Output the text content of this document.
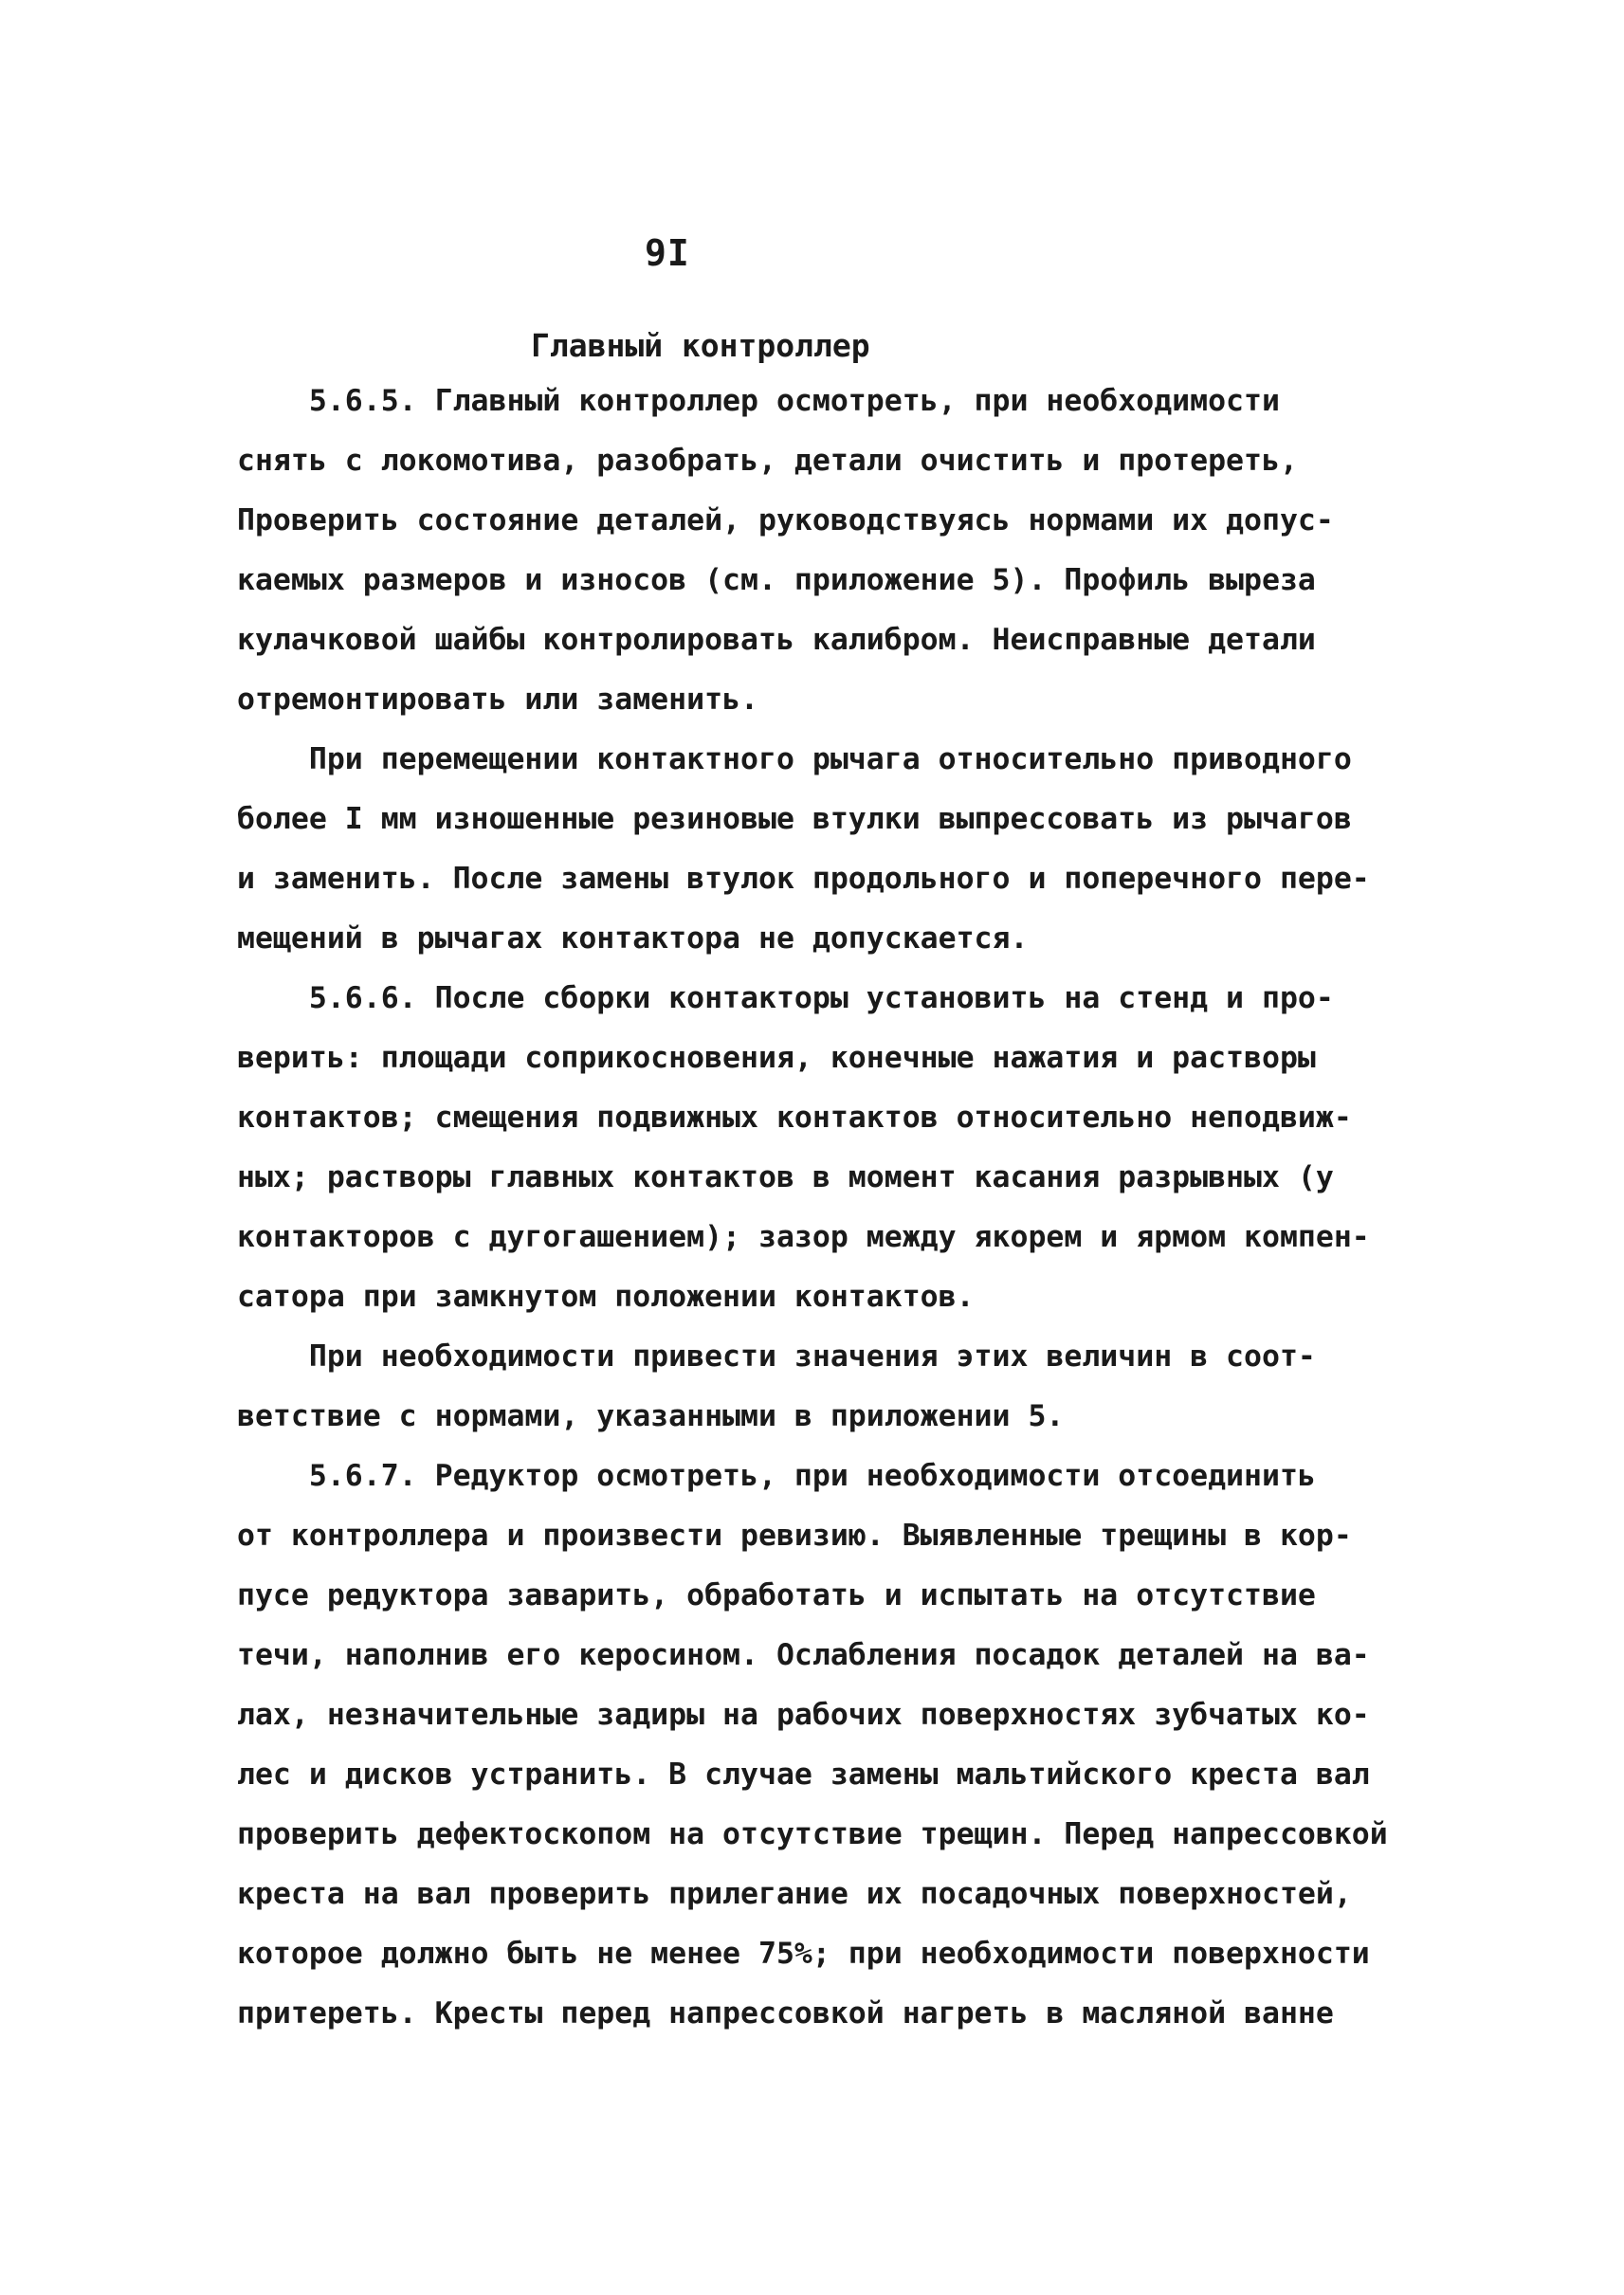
9I
Главный контроллер
5.6.5. Главный контроллер осмотреть, при необходимости
снять с локомотива, разобрать, детали очистить и протереть,
Проверить состояние деталей, руководствуясь нормами их допус-
каемых размеров и износов (см. приложение 5). Профиль выреза
кулачковой шайбы контролировать калибром. Неисправные детали
отремонтировать или заменить.
При перемещении контактного рычага относительно приводного
более I мм изношенные резиновые втулки выпрессовать из рычагов
и заменить. После замены втулок продольного и поперечного пере-
мещений в рычагах контактора не допускается.
5.6.6. После сборки контакторы установить на стенд и про-
верить: площади соприкосновения, конечные нажатия и растворы
контактов; смещения подвижных контактов относительно неподвиж-
ных; растворы главных контактов в момент касания разрывных (у
контакторов с дугогашением); зазор между якорем и ярмом компен-
сатора при замкнутом положении контактов.
При необходимости привести значения этих величин в соот-
ветствие с нормами, указанными в приложении 5.
5.6.7. Редуктор осмотреть, при необходимости отсоединить
от контроллера и произвести ревизию. Выявленные трещины в кор-
пусе редуктора заварить, обработать и испытать на отсутствие
течи, наполнив его керосином. Ослабления посадок деталей на ва-
лах, незначительные задиры на рабочих поверхностях зубчатых ко-
лес и дисков устранить. В случае замены мальтийского креста вал
проверить дефектоскопом на отсутствие трещин. Перед напрессовкой
креста на вал проверить прилегание их посадочных поверхностей,
которое должно быть не менее 75%; при необходимости поверхности
притереть. Кресты перед напрессовкой нагреть в масляной ванне
